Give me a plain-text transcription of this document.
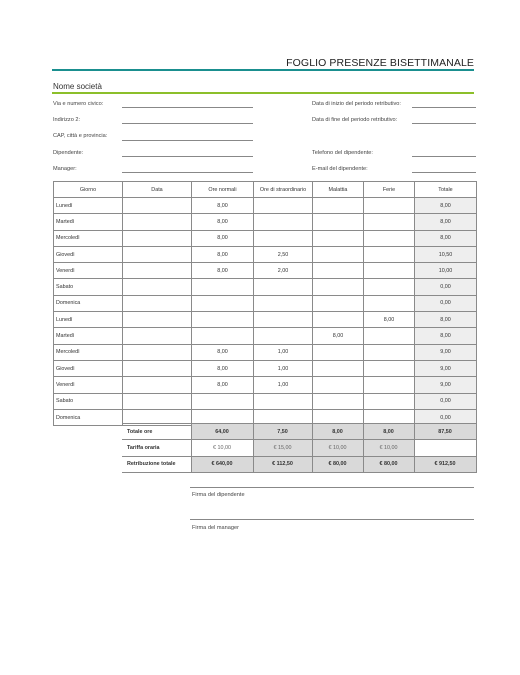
FOGLIO PRESENZE BISETTIMANALE
Nome società
Via e numero civico:
Indirizzo 2:
CAP, città e provincia:
Dipendente:
Manager:
Data di inizio del periodo retributivo:
Data di fine del periodo retributivo:
Telefono del dipendente:
E-mail del dipendente:
Giorno	Data	Ore normali	Ore di straordinario	Malattia	Ferie	Totale
Lunedì		8,00				8,00
Martedì		8,00				8,00
Mercoledì		8,00				8,00
Giovedì		8,00	2,50			10,50
Venerdì		8,00	2,00			10,00
Sabato						0,00
Domenica						0,00
Lunedì					8,00	8,00
Martedì				8,00		8,00
Mercoledì		8,00	1,00			9,00
Giovedì		8,00	1,00			9,00
Venerdì		8,00	1,00			9,00
Sabato						0,00
Domenica						0,00
Totale ore	64,00	7,50	8,00	8,00	87,50
Tariffa oraria	€ 10,00	€ 15,00	€ 10,00	€ 10,00	
Retribuzione totale	€ 640,00	€ 112,50	€ 80,00	€ 80,00	€ 912,50
Firma del dipendente
Firma del manager
